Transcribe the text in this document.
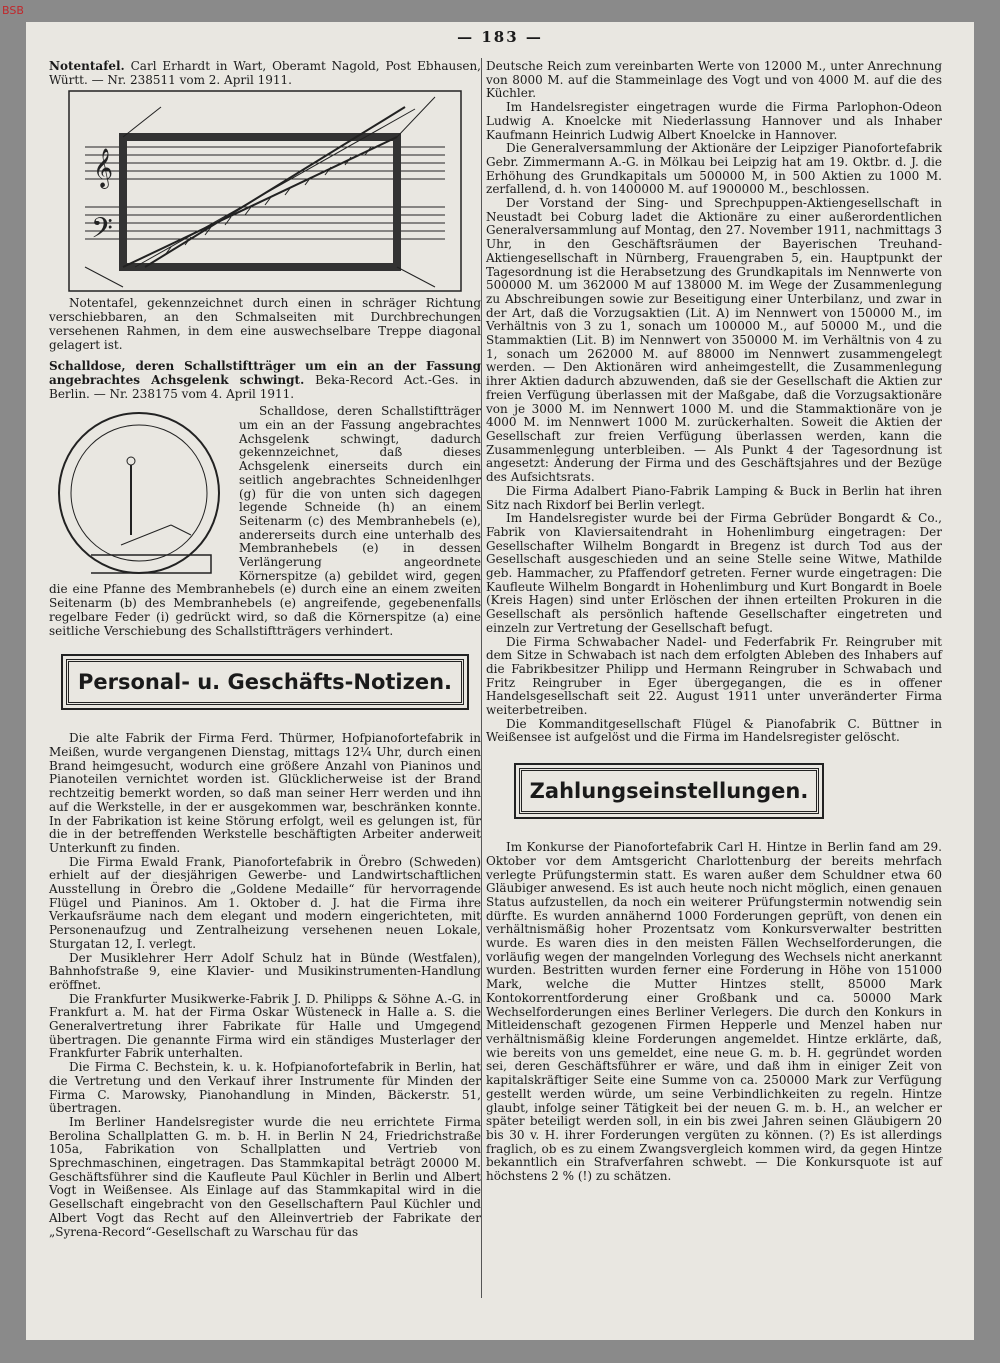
BSB
— 183 —

Notentafel. Carl Erhardt in Wart, Oberamt Nagold, Post Ebhausen, Württ. — Nr. 238511 vom 2. April 1911.

𝄞
𝄢

Notentafel, gekennzeichnet durch einen in schräger Richtung verschiebbaren, an den Schmalseiten mit Durchbrechungen versehenen Rahmen, in dem eine auswechselbare Treppe diagonal gelagert ist.

Schalldose, deren Schallstiftträger um ein an der Fassung angebrachtes Achsgelenk schwingt. Beka-Record Act.-Ges. in Berlin. — Nr. 238175 vom 4. April 1911.

Schalldose, deren Schallstiftträger um ein an der Fassung angebrachtes Achsgelenk schwingt, dadurch gekennzeichnet, daß dieses Achsgelenk einerseits durch ein seitlich angebrachtes Schneidenlhger (g) für die von unten sich dagegen legende Schneide (h) an einem Seitenarm (c) des Membranhebels (e), andererseits durch eine unterhalb des Membranhebels (e) in dessen Verlängerung angeordnete Körnerspitze (a) gebildet wird, gegen die eine Pfanne des Membranhebels (e) durch eine an einem zweiten Seitenarm (b) des Membranhebels (e) angreifende, gegebenenfalls regelbare Feder (i) gedrückt wird, so daß die Körnerspitze (a) eine seitliche Verschiebung des Schallstiftträgers verhindert.

Personal- u. Geschäfts-Notizen.

Die alte Fabrik der Firma Ferd. Thürmer, Hofpianofortefabrik in Meißen, wurde vergangenen Dienstag, mittags 12¼ Uhr, durch einen Brand heimgesucht, wodurch eine größere Anzahl von Pianinos und Pianoteilen vernichtet worden ist. Glücklicherweise ist der Brand rechtzeitig bemerkt worden, so daß man seiner Herr werden und ihn auf die Werkstelle, in der er ausgekommen war, beschränken konnte. In der Fabrikation ist keine Störung erfolgt, weil es gelungen ist, für die in der betreffenden Werkstelle beschäftigten Arbeiter anderweit Unterkunft zu finden.

Die Firma Ewald Frank, Pianofortefabrik in Örebro (Schweden) erhielt auf der diesjährigen Gewerbe- und Landwirtschaftlichen Ausstellung in Örebro die „Goldene Medaille“ für hervorragende Flügel und Pianinos. Am 1. Oktober d. J. hat die Firma ihre Verkaufsräume nach dem elegant und modern eingerichteten, mit Personenaufzug und Zentralheizung versehenen neuen Lokale, Sturgatan 12, I. verlegt.

Der Musiklehrer Herr Adolf Schulz hat in Bünde (Westfalen), Bahnhofstraße 9, eine Klavier- und Musikinstrumenten-Handlung eröffnet.

Die Frankfurter Musikwerke-Fabrik J. D. Philipps & Söhne A.-G. in Frankfurt a. M. hat der Firma Oskar Wüsteneck in Halle a. S. die Generalvertretung ihrer Fabrikate für Halle und Umgegend übertragen. Die genannte Firma wird ein ständiges Musterlager der Frankfurter Fabrik unterhalten.

Die Firma C. Bechstein, k. u. k. Hofpianofortefabrik in Berlin, hat die Vertretung und den Verkauf ihrer Instrumente für Minden der Firma C. Marowsky, Pianohandlung in Minden, Bäckerstr. 51, übertragen.

Im Berliner Handelsregister wurde die neu errichtete Firma Berolina Schallplatten G. m. b. H. in Berlin N 24, Friedrichstraße 105a, Fabrikation von Schallplatten und Vertrieb von Sprechmaschinen, eingetragen. Das Stammkapital beträgt 20000 M. Geschäftsführer sind die Kaufleute Paul Küchler in Berlin und Albert Vogt in Weißensee. Als Einlage auf das Stammkapital wird in die Gesellschaft eingebracht von den Gesellschaftern Paul Küchler und Albert Vogt das Recht auf den Alleinvertrieb der Fabrikate der „Syrena-Record“-Gesellschaft zu Warschau für das

Deutsche Reich zum vereinbarten Werte von 12000 M., unter Anrechnung von 8000 M. auf die Stammeinlage des Vogt und von 4000 M. auf die des Küchler.

Im Handelsregister eingetragen wurde die Firma Parlophon-Odeon Ludwig A. Knoelcke mit Niederlassung Hannover und als Inhaber Kaufmann Heinrich Ludwig Albert Knoelcke in Hannover.

Die Generalversammlung der Aktionäre der Leipziger Pianofortefabrik Gebr. Zimmermann A.-G. in Mölkau bei Leipzig hat am 19. Oktbr. d. J. die Erhöhung des Grundkapitals um 500000 M, in 500 Aktien zu 1000 M. zerfallend, d. h. von 1400000 M. auf 1900000 M., beschlossen.

Der Vorstand der Sing- und Sprechpuppen-Aktiengesellschaft in Neustadt bei Coburg ladet die Aktionäre zu einer außerordentlichen Generalversammlung auf Montag, den 27. November 1911, nachmittags 3 Uhr, in den Geschäftsräumen der Bayerischen Treuhand-Aktiengesellschaft in Nürnberg, Frauengraben 5, ein. Hauptpunkt der Tagesordnung ist die Herabsetzung des Grundkapitals im Nennwerte von 500000 M. um 362000 M auf 138000 M. im Wege der Zusammenlegung zu Abschreibungen sowie zur Beseitigung einer Unterbilanz, und zwar in der Art, daß die Vorzugsaktien (Lit. A) im Nennwert von 150000 M., im Verhältnis von 3 zu 1, sonach um 100000 M., auf 50000 M., und die Stammaktien (Lit. B) im Nennwert von 350000 M. im Verhältnis von 4 zu 1, sonach um 262000 M. auf 88000 im Nennwert zusammengelegt werden. — Den Aktionären wird anheimgestellt, die Zusammenlegung ihrer Aktien dadurch abzuwenden, daß sie der Gesellschaft die Aktien zur freien Verfügung überlassen mit der Maßgabe, daß die Vorzugsaktionäre von je 3000 M. im Nennwert 1000 M. und die Stammaktionäre von je 4000 M. im Nennwert 1000 M. zurückerhalten. Soweit die Aktien der Gesellschaft zur freien Verfügung überlassen werden, kann die Zusammenlegung unterbleiben. — Als Punkt 4 der Tagesordnung ist angesetzt: Änderung der Firma und des Geschäftsjahres und der Bezüge des Aufsichtsrats.

Die Firma Adalbert Piano-Fabrik Lamping & Buck in Berlin hat ihren Sitz nach Rixdorf bei Berlin verlegt.

Im Handelsregister wurde bei der Firma Gebrüder Bongardt & Co., Fabrik von Klaviersaitendraht in Hohenlimburg eingetragen: Der Gesellschafter Wilhelm Bongardt in Bregenz ist durch Tod aus der Gesellschaft ausgeschieden und an seine Stelle seine Witwe, Mathilde geb. Hammacher, zu Pfaffendorf getreten. Ferner wurde eingetragen: Die Kaufleute Wilhelm Bongardt in Hohenlimburg und Kurt Bongardt in Boele (Kreis Hagen) sind unter Erlöschen der ihnen erteilten Prokuren in die Gesellschaft als persönlich haftende Gesellschafter eingetreten und einzeln zur Vertretung der Gesellschaft befugt.

Die Firma Schwabacher Nadel- und Federfabrik Fr. Reingruber mit dem Sitze in Schwabach ist nach dem erfolgten Ableben des Inhabers auf die Fabrikbesitzer Philipp und Hermann Reingruber in Schwabach und Fritz Reingruber in Eger übergegangen, die es in offener Handelsgesellschaft seit 22. August 1911 unter unveränderter Firma weiterbetreiben.

Die Kommanditgesellschaft Flügel & Pianofabrik C. Büttner in Weißensee ist aufgelöst und die Firma im Handelsregister gelöscht.

Zahlungseinstellungen.

Im Konkurse der Pianofortefabrik Carl H. Hintze in Berlin fand am 29. Oktober vor dem Amtsgericht Charlottenburg der bereits mehrfach verlegte Prüfungstermin statt. Es waren außer dem Schuldner etwa 60 Gläubiger anwesend. Es ist auch heute noch nicht möglich, einen genauen Status aufzustellen, da noch ein weiterer Prüfungstermin notwendig sein dürfte. Es wurden annähernd 1000 Forderungen geprüft, von denen ein verhältnismäßig hoher Prozentsatz vom Konkursverwalter bestritten wurde. Es waren dies in den meisten Fällen Wechselforderungen, die vorläufig wegen der mangelnden Vorlegung des Wechsels nicht anerkannt wurden. Bestritten wurden ferner eine Forderung in Höhe von 151000 Mark, welche die Mutter Hintzes stellt, 85000 Mark Kontokorrentforderung einer Großbank und ca. 50000 Mark Wechselforderungen eines Berliner Verlegers. Die durch den Konkurs in Mitleidenschaft gezogenen Firmen Hepperle und Menzel haben nur verhältnismäßig kleine Forderungen angemeldet. Hintze erklärte, daß, wie bereits von uns gemeldet, eine neue G. m. b. H. gegründet worden sei, deren Geschäftsführer er wäre, und daß ihm in einiger Zeit von kapitalskräftiger Seite eine Summe von ca. 250000 Mark zur Verfügung gestellt werden würde, um seine Verbindlichkeiten zu regeln. Hintze glaubt, infolge seiner Tätigkeit bei der neuen G. m. b. H., an welcher er später beteiligt werden soll, in ein bis zwei Jahren seinen Gläubigern 20 bis 30 v. H. ihrer Forderungen vergüten zu können. (?) Es ist allerdings fraglich, ob es zu einem Zwangsvergleich kommen wird, da gegen Hintze bekanntlich ein Strafverfahren schwebt. — Die Konkursquote ist auf höchstens 2 % (!) zu schätzen.
